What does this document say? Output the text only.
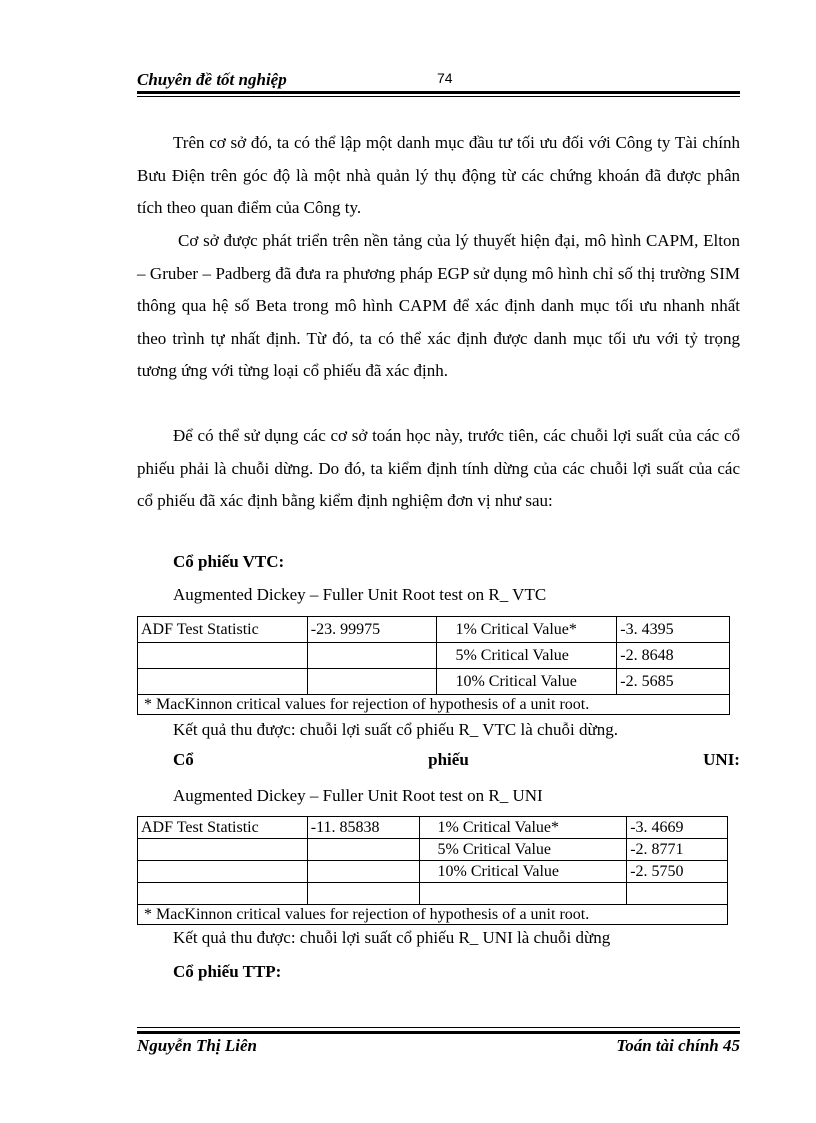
Chuyên đề tốt nghiệp	74

Trên cơ sở đó, ta có thể lập một danh mục đầu tư tối ưu đối với Công ty Tài chính Bưu Điện trên góc độ là một nhà quản lý thụ động từ các chứng khoán đã được phân tích theo quan điểm của Công ty.

Cơ sở được phát triển trên nền tảng của lý thuyết hiện đại, mô hình CAPM, Elton – Gruber – Padberg đã đưa ra phương pháp EGP sử dụng mô hình chỉ số thị trường SIM thông qua hệ số Beta trong mô hình CAPM để xác định danh mục tối ưu nhanh nhất theo trình tự nhất định. Từ đó, ta có thể xác định được danh mục tối ưu với tỷ trọng tương ứng với từng loại cổ phiếu đã xác định.

Để có thể sử dụng các cơ sở toán học này, trước tiên, các chuỗi lợi suất của các cổ phiếu phải là chuỗi dừng. Do đó, ta kiểm định tính dừng của các chuỗi lợi suất của các cổ phiếu đã xác định bằng kiểm định nghiệm đơn vị như sau:

Cổ phiếu VTC:
Augmented Dickey – Fuller Unit Root test on R_ VTC
ADF Test Statistic	-23. 99975	1% Critical Value*	-3. 4395
		5% Critical Value	-2. 8648
		10% Critical Value	-2. 5685
* MacKinnon critical values for rejection of hypothesis of a unit root.			
Kết quả thu được: chuỗi lợi suất cổ phiếu R_ VTC là chuỗi dừng.
Cổ	phiếu	UNI:
Augmented Dickey – Fuller Unit Root test on R_ UNI
ADF Test Statistic	-11. 85838	1% Critical Value*	-3. 4669
		5% Critical Value	-2. 8771
		10% Critical Value	-2. 5750

* MacKinnon critical values for rejection of hypothesis of a unit root.			
Kết quả thu được: chuỗi lợi suất cổ phiếu R_ UNI là chuỗi dừng
Cổ phiếu TTP:
Nguyễn Thị Liên	Toán tài chính 45
